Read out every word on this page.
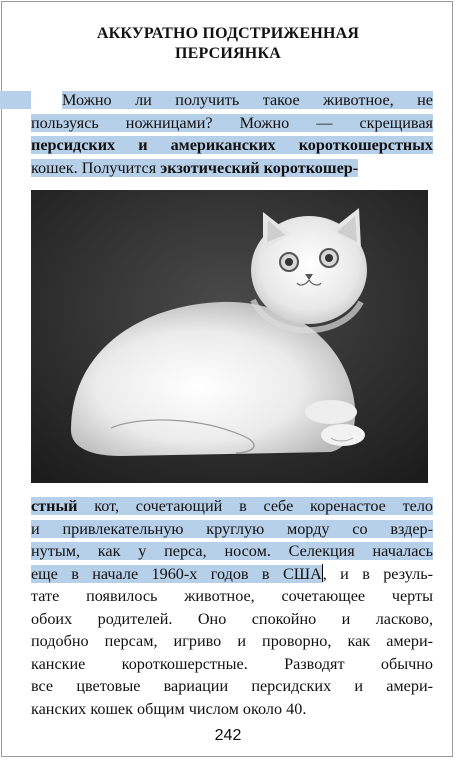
АККУРАТНО ПОДСТРИЖЕННАЯ
ПЕРСИЯНКА
Можно ли получить такое животное, не
пользуясь ножницами? Можно — скрещивая
персидских и американских короткошерстных
кошек. Получится экзотический короткошер-
стный кот, сочетающий в себе коренастое тело
и привлекательную круглую морду со вздер-
нутым, как у перса, носом. Селекция началась
еще в начале 1960-х годов в США, и в резуль-
тате появилось животное, сочетающее черты
обоих родителей. Оно спокойно и ласково,
подобно персам, игриво и проворно, как амери-
канские короткошерстные. Разводят обычно
все цветовые вариации персидских и амери-
канских кошек общим числом около 40.
242
